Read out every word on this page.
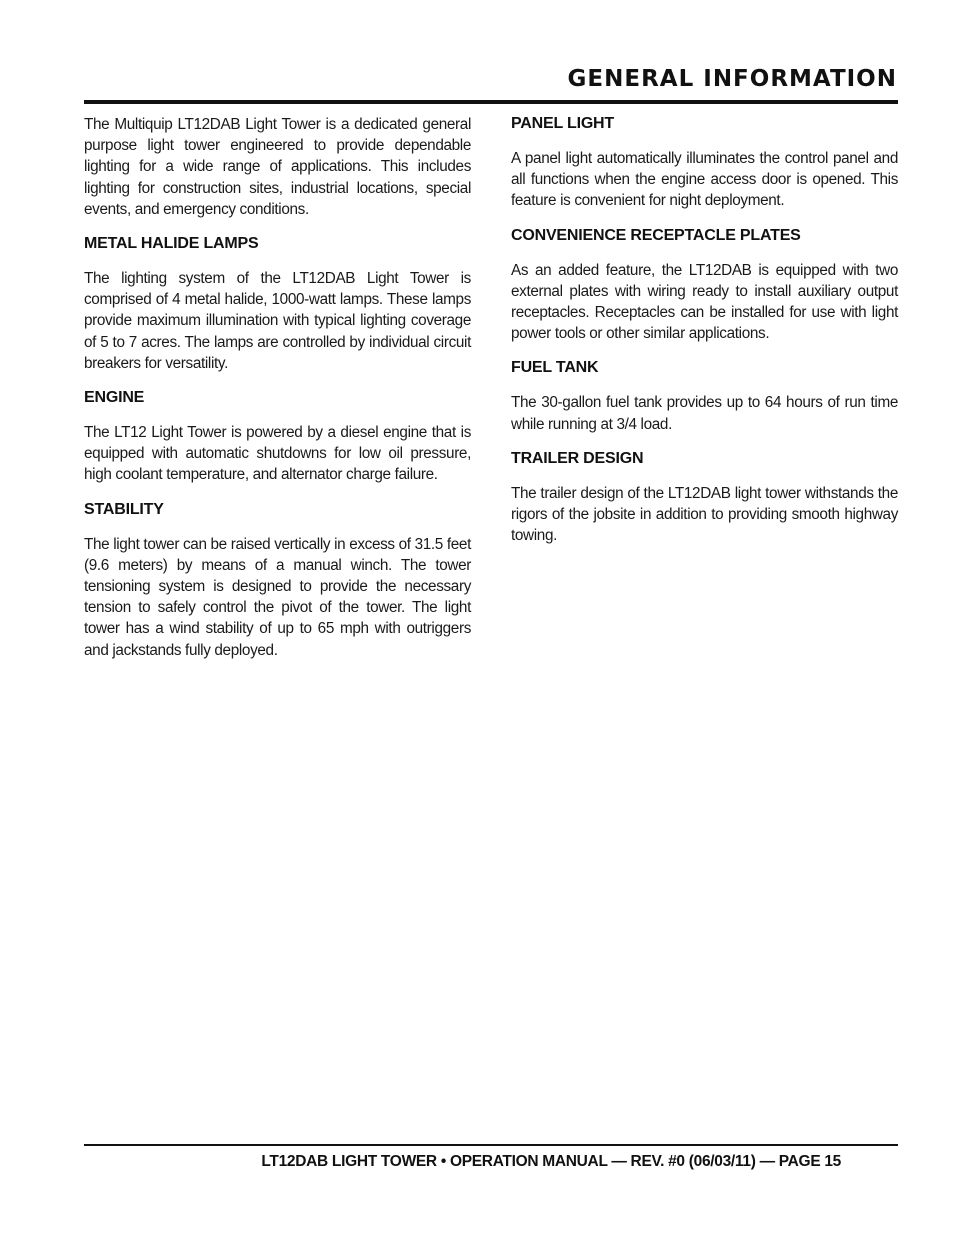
GENERAL INFORMATION

The Multiquip LT12DAB Light Tower is a dedicated general purpose light tower engineered to provide dependable lighting for a wide range of applications. This includes lighting for construction sites, industrial locations, special events, and emergency conditions.

METAL HALIDE LAMPS

The lighting system of the LT12DAB Light Tower is comprised of 4 metal halide, 1000-watt lamps. These lamps provide maximum illumination with typical lighting coverage of 5 to 7 acres. The lamps are controlled by individual circuit breakers for versatility.

ENGINE

The LT12 Light Tower is powered by a diesel engine that is equipped with automatic shutdowns for low oil pressure, high coolant temperature, and alternator charge failure.

STABILITY

The light tower can be raised vertically in excess of 31.5 feet (9.6 meters) by means of a manual winch. The tower tensioning system is designed to provide the necessary tension to safely control the pivot of the tower. The light tower has a wind stability of up to 65 mph with outriggers and jackstands fully deployed.

PANEL LIGHT

A panel light automatically illuminates the control panel and all functions when the engine access door is opened. This feature is convenient for night deployment.

CONVENIENCE RECEPTACLE PLATES

As an added feature, the LT12DAB is equipped with two external plates with wiring ready to install auxiliary output receptacles. Receptacles can be installed for use with light power tools or other similar applications.

FUEL TANK

The 30-gallon fuel tank provides up to 64 hours of run time while running at 3/4 load.

TRAILER DESIGN

The trailer design of the LT12DAB light tower withstands the rigors of the jobsite in addition to providing smooth highway towing.

LT12DAB LIGHT TOWER • OPERATION MANUAL — REV. #0 (06/03/11) — PAGE 15
